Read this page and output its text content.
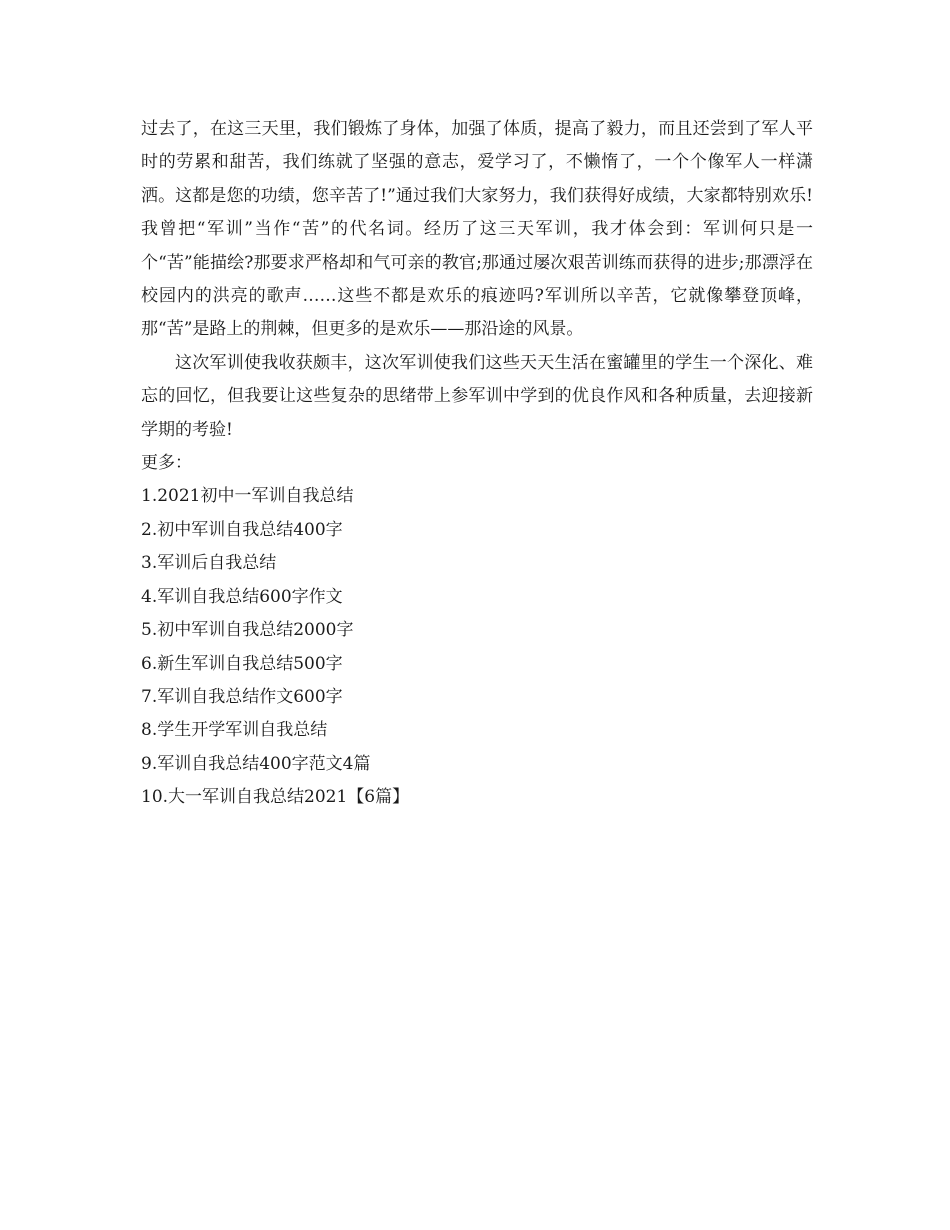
过去了，在这三天里，我们锻炼了身体，加强了体质，提高了毅力，而且还尝到了军人平时的劳累和甜苦，我们练就了坚强的意志，爱学习了，不懒惰了，一个个像军人一样潇洒。这都是您的功绩，您辛苦了!”通过我们大家努力，我们获得好成绩，大家都特别欢乐!我曾把“军训”当作“苦”的代名词。经历了这三天军训，我才体会到：军训何只是一个“苦”能描绘?那要求严格却和气可亲的教官;那通过屡次艰苦训练而获得的进步;那漂浮在校园内的洪亮的歌声……这些不都是欢乐的痕迹吗?军训所以辛苦，它就像攀登顶峰，那“苦”是路上的荆棘，但更多的是欢乐——那沿途的风景。

这次军训使我收获颇丰，这次军训使我们这些天天生活在蜜罐里的学生一个深化、难忘的回忆，但我要让这些复杂的思绪带上参军训中学到的优良作风和各种质量，去迎接新学期的考验!

更多：

1.2021初中一军训自我总结
2.初中军训自我总结400字
3.军训后自我总结
4.军训自我总结600字作文
5.初中军训自我总结2000字
6.新生军训自我总结500字
7.军训自我总结作文600字
8.学生开学军训自我总结
9.军训自我总结400字范文4篇
10.大一军训自我总结2021【6篇】
